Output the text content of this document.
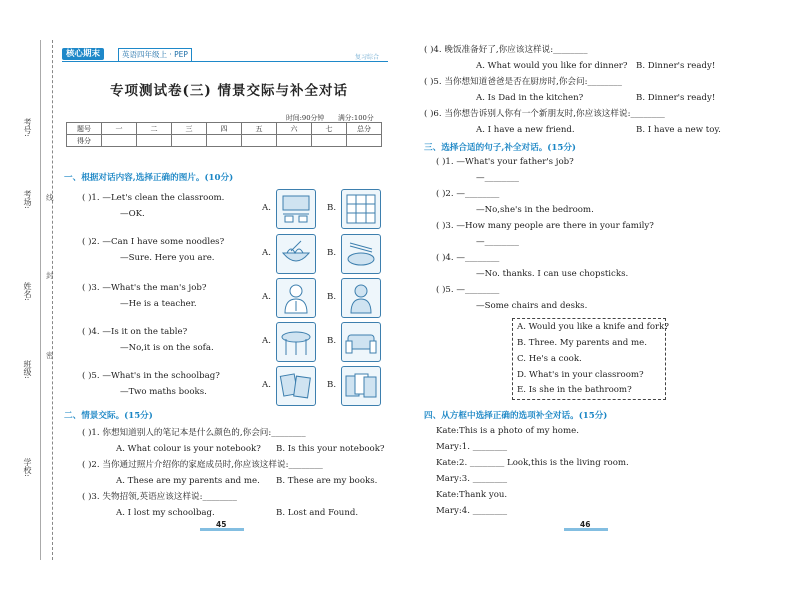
考号:
考场:
姓名:
班级:
学校:
线
封
密
核心期末	英语四年级上 · PEP	复习综合
专项测试卷(三) 情景交际与补全对话
时间:90分钟 满分:100分
题号	一	二	三	四	五	六	七	总分
得分								
一、根据对话内容,选择正确的图片。(10分)
( )1. —Let's clean the classroom.
—OK.
( )2. —Can I have some noodles?
—Sure. Here you are.
( )3. —What's the man's job?
—He is a teacher.
( )4. —Is it on the table?
—No,it is on the sofa.
( )5. —What's in the schoolbag?
—Two maths books.
A.	B.
A.	B.
A.	B.
A.	B.
A.	B.
二、情景交际。(15分)
( )1. 你想知道别人的笔记本是什么颜色的,你会问:________
A. What colour is your notebook? B. Is this your notebook?
( )2. 当你通过照片介绍你的家庭成员时,你应该这样说:________
A. These are my parents and me. B. These are my books.
( )3. 失物招领,英语应该这样说:________
A. I lost my schoolbag.	B. Lost and Found.
( )4. 晚饭准备好了,你应该这样说:________
A. What would you like for dinner? B. Dinner's ready!
( )5. 当你想知道爸爸是否在厨房时,你会问:________
A. Is Dad in the kitchen?	B. Dinner's ready!
( )6. 当你想告诉别人你有一个新朋友时,你应该这样说:________
A. I have a new friend.	B. I have a new toy.
三、选择合适的句子,补全对话。(15分)
( )1. —What's your father's job?
—________
( )2. —________
—No,she's in the bedroom.
( )3. —How many people are there in your family?
—________
( )4. —________
—No. thanks. I can use chopsticks.
( )5. —________
—Some chairs and desks.
A. Would you like a knife and fork?
B. Three. My parents and me.
C. He's a cook.
D. What's in your classroom?
E. Is she in the bathroom?
四、从方框中选择正确的选项补全对话。(15分)
Kate:This is a photo of my home.
Mary:1. ________
Kate:2. ________ Look,this is the living room.
Mary:3. ________
Kate:Thank you.
Mary:4. ________
45	46
